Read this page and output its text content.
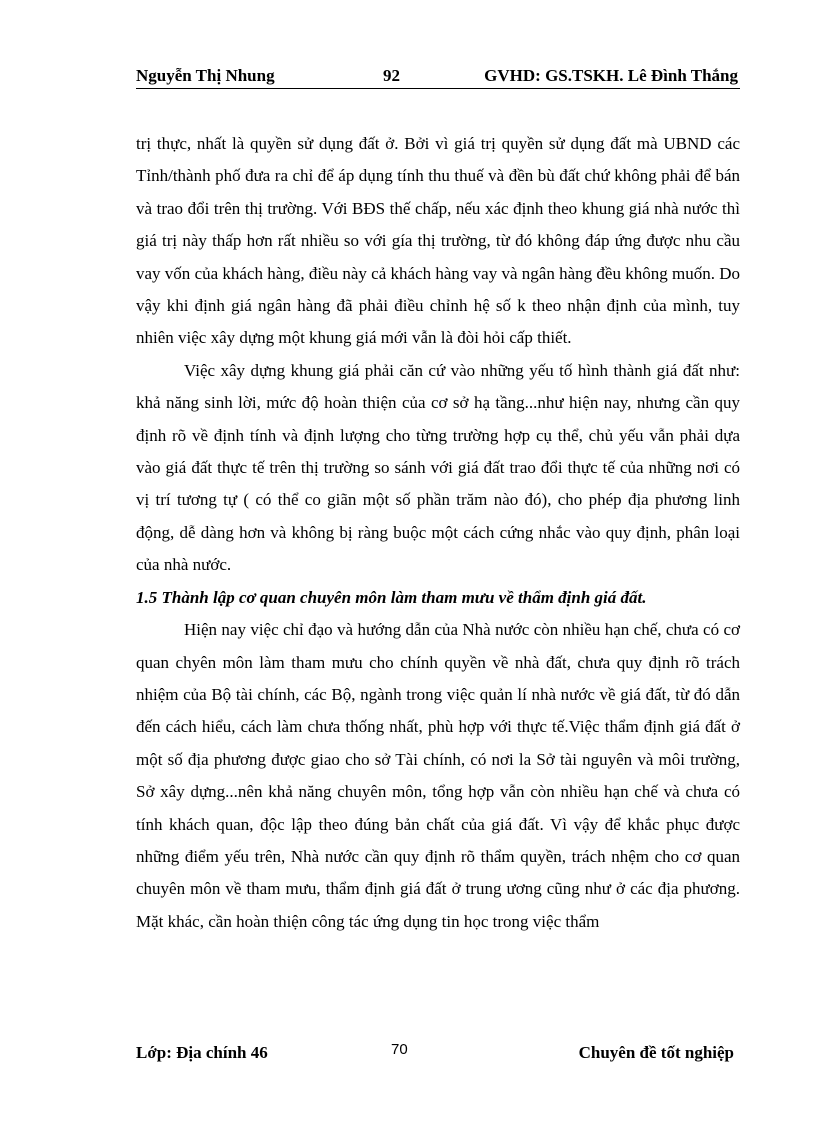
Nguyễn Thị Nhung	92	GVHD: GS.TSKH. Lê Đình Thắng

trị thực, nhất là quyền sử dụng đất ở. Bởi vì giá trị quyền sử dụng đất mà UBND các Tỉnh/thành phố đưa ra chỉ để áp dụng tính thu thuế và đền bù đất chứ không phải để bán và trao đổi trên thị trường. Với BĐS thế chấp, nếu xác định theo khung giá nhà nước thì giá trị này thấp hơn rất nhiều so với gía thị trường, từ đó không đáp ứng được nhu cầu vay vốn của khách hàng, điều này cả khách hàng vay và ngân hàng đều không muốn. Do vậy khi định giá ngân hàng đã phải điều chỉnh hệ số k theo nhận định của mình, tuy nhiên việc xây dựng một khung giá mới vẫn là đòi hỏi cấp thiết.

Việc xây dựng khung giá phải căn cứ vào những yếu tố hình thành giá đất như: khả năng sinh lời, mức độ hoàn thiện của cơ sở hạ tầng...như hiện nay, nhưng cần quy định rõ về định tính và định lượng cho từng trường hợp cụ thể, chủ yếu vẫn phải dựa vào giá đất thực tế trên thị trường so sánh với giá đất trao đổi thực tế của những nơi có vị trí tương tự ( có thể co giãn một số phần trăm nào đó), cho phép địa phương linh động, dễ dàng hơn và không bị ràng buộc một cách cứng nhắc vào quy định, phân loại của nhà nước.

1.5 Thành lập cơ quan chuyên môn làm tham mưu về thẩm định giá đất.

Hiện nay việc chỉ đạo và hướng dẫn của Nhà nước còn nhiều hạn chế, chưa có cơ quan chyên môn làm tham mưu cho chính quyền về nhà đất, chưa quy định rõ trách nhiệm của Bộ tài chính, các Bộ, ngành trong việc quản lí nhà nước về giá đất, từ đó dẫn đến cách hiểu, cách làm chưa thống nhất, phù hợp với thực tế.Việc thẩm định giá đất ở một số địa phương được giao cho sở Tài chính, có nơi la Sở tài nguyên và môi trường, Sở xây dựng...nên khả năng chuyên môn, tổng hợp vẫn còn nhiều hạn chế và chưa có tính khách quan, độc lập theo đúng bản chất của giá đất. Vì vậy để khắc phục được những điểm yếu trên, Nhà nước cần quy định rõ thẩm quyền, trách nhệm cho cơ quan chuyên môn về tham mưu, thẩm định giá đất ở trung ương cũng như ở các địa phương. Mặt khác, cần hoàn thiện công tác ứng dụng tin học trong việc thẩm

Lớp: Địa chính 46	70	Chuyên đề tốt nghiệp
